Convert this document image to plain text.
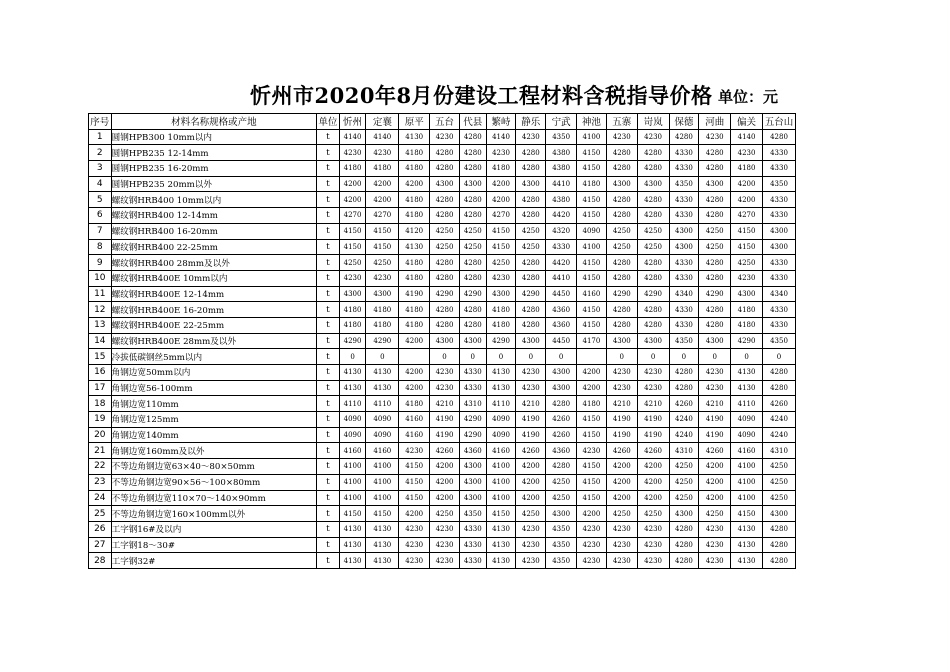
忻州市2020年8月份建设工程材料含税指导价格 单位：元
序号	材料名称规格或产地	单位	忻州	定襄	原平	五台	代县	繁峙	静乐	宁武	神池	五寨	岢岚	保德	河曲	偏关	五台山
1	圆钢HPB300 10mm以内	t	4140	4140	4130	4230	4280	4140	4230	4350	4100	4230	4230	4280	4230	4140	4280
2	圆钢HPB235 12-14mm	t	4230	4230	4180	4280	4280	4230	4280	4380	4150	4280	4280	4330	4280	4230	4330
3	圆钢HPB235 16-20mm	t	4180	4180	4180	4280	4280	4180	4280	4380	4150	4280	4280	4330	4280	4180	4330
4	圆钢HPB235 20mm以外	t	4200	4200	4200	4300	4300	4200	4300	4410	4180	4300	4300	4350	4300	4200	4350
5	螺纹钢HRB400 10mm以内	t	4200	4200	4180	4280	4280	4200	4280	4380	4150	4280	4280	4330	4280	4200	4330
6	螺纹钢HRB400 12-14mm	t	4270	4270	4180	4280	4280	4270	4280	4420	4150	4280	4280	4330	4280	4270	4330
7	螺纹钢HRB400 16-20mm	t	4150	4150	4120	4250	4250	4150	4250	4320	4090	4250	4250	4300	4250	4150	4300
8	螺纹钢HRB400 22-25mm	t	4150	4150	4130	4250	4250	4150	4250	4330	4100	4250	4250	4300	4250	4150	4300
9	螺纹钢HRB400 28mm及以外	t	4250	4250	4180	4280	4280	4250	4280	4420	4150	4280	4280	4330	4280	4250	4330
10	螺纹钢HRB400E 10mm以内	t	4230	4230	4180	4280	4280	4230	4280	4410	4150	4280	4280	4330	4280	4230	4330
11	螺纹钢HRB400E 12-14mm	t	4300	4300	4190	4290	4290	4300	4290	4450	4160	4290	4290	4340	4290	4300	4340
12	螺纹钢HRB400E 16-20mm	t	4180	4180	4180	4280	4280	4180	4280	4360	4150	4280	4280	4330	4280	4180	4330
13	螺纹钢HRB400E 22-25mm	t	4180	4180	4180	4280	4280	4180	4280	4360	4150	4280	4280	4330	4280	4180	4330
14	螺纹钢HRB400E 28mm及以外	t	4290	4290	4200	4300	4300	4290	4300	4450	4170	4300	4300	4350	4300	4290	4350
15	冷拔低碳钢丝5mm以内	t	0	0		0	0	0	0	0		0	0	0	0	0	0
16	角钢边宽50mm以内	t	4130	4130	4200	4230	4330	4130	4230	4300	4200	4230	4230	4280	4230	4130	4280
17	角钢边宽56-100mm	t	4130	4130	4200	4230	4330	4130	4230	4300	4200	4230	4230	4280	4230	4130	4280
18	角钢边宽110mm	t	4110	4110	4180	4210	4310	4110	4210	4280	4180	4210	4210	4260	4210	4110	4260
19	角钢边宽125mm	t	4090	4090	4160	4190	4290	4090	4190	4260	4150	4190	4190	4240	4190	4090	4240
20	角钢边宽140mm	t	4090	4090	4160	4190	4290	4090	4190	4260	4150	4190	4190	4240	4190	4090	4240
21	角钢边宽160mm及以外	t	4160	4160	4230	4260	4360	4160	4260	4360	4230	4260	4260	4310	4260	4160	4310
22	不等边角钢边宽63×40～80×50mm	t	4100	4100	4150	4200	4300	4100	4200	4280	4150	4200	4200	4250	4200	4100	4250
23	不等边角钢边宽90×56～100×80mm	t	4100	4100	4150	4200	4300	4100	4200	4250	4150	4200	4200	4250	4200	4100	4250
24	不等边角钢边宽110×70～140×90mm	t	4100	4100	4150	4200	4300	4100	4200	4250	4150	4200	4200	4250	4200	4100	4250
25	不等边角钢边宽160×100mm以外	t	4150	4150	4200	4250	4350	4150	4250	4300	4200	4250	4250	4300	4250	4150	4300
26	工字钢16#及以内	t	4130	4130	4230	4230	4330	4130	4230	4350	4230	4230	4230	4280	4230	4130	4280
27	工字钢18～30#	t	4130	4130	4230	4230	4330	4130	4230	4350	4230	4230	4230	4280	4230	4130	4280
28	工字钢32#	t	4130	4130	4230	4230	4330	4130	4230	4350	4230	4230	4230	4280	4230	4130	4280
